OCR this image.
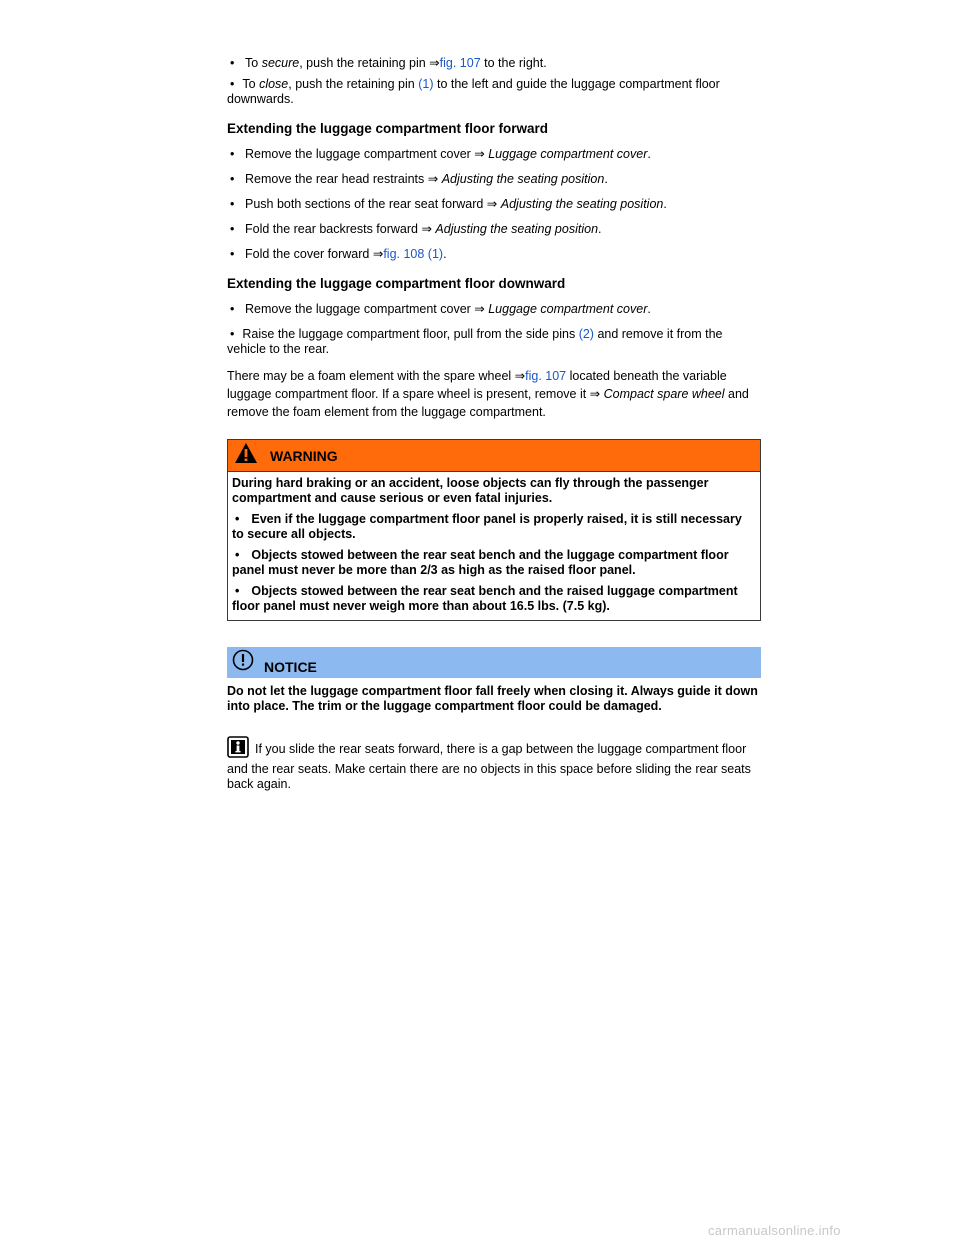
• To secure, push the retaining pin ⇒fig. 107 to the right.

• To close, push the retaining pin (1) to the left and guide the luggage compartment floor downwards.

Extending the luggage compartment floor forward

• Remove the luggage compartment cover ⇒ Luggage compartment cover.

• Remove the rear head restraints ⇒ Adjusting the seating position.

• Push both sections of the rear seat forward ⇒ Adjusting the seating position.

• Fold the rear backrests forward ⇒ Adjusting the seating position.

• Fold the cover forward ⇒fig. 108 (1).

Extending the luggage compartment floor downward

• Remove the luggage compartment cover ⇒ Luggage compartment cover.

• Raise the luggage compartment floor, pull from the side pins (2) and remove it from the vehicle to the rear.

There may be a foam element with the spare wheel ⇒fig. 107 located beneath the variable luggage compartment floor. If a spare wheel is present, remove it ⇒ Compact spare wheel and remove the foam element from the luggage compartment.

WARNING

During hard braking or an accident, loose objects can fly through the passenger compartment and cause serious or even fatal injuries.

• Even if the luggage compartment floor panel is properly raised, it is still necessary to secure all objects.

• Objects stowed between the rear seat bench and the luggage compartment floor panel must never be more than 2/3 as high as the raised floor panel.

• Objects stowed between the rear seat bench and the raised luggage compartment floor panel must never weigh more than about 16.5 lbs. (7.5 kg).

NOTICE

Do not let the luggage compartment floor fall freely when closing it. Always guide it down into place. The trim or the luggage compartment floor could be damaged.

If you slide the rear seats forward, there is a gap between the luggage compartment floor and the rear seats. Make certain there are no objects in this space before sliding the rear seats back again.

carmanualsonline.info
